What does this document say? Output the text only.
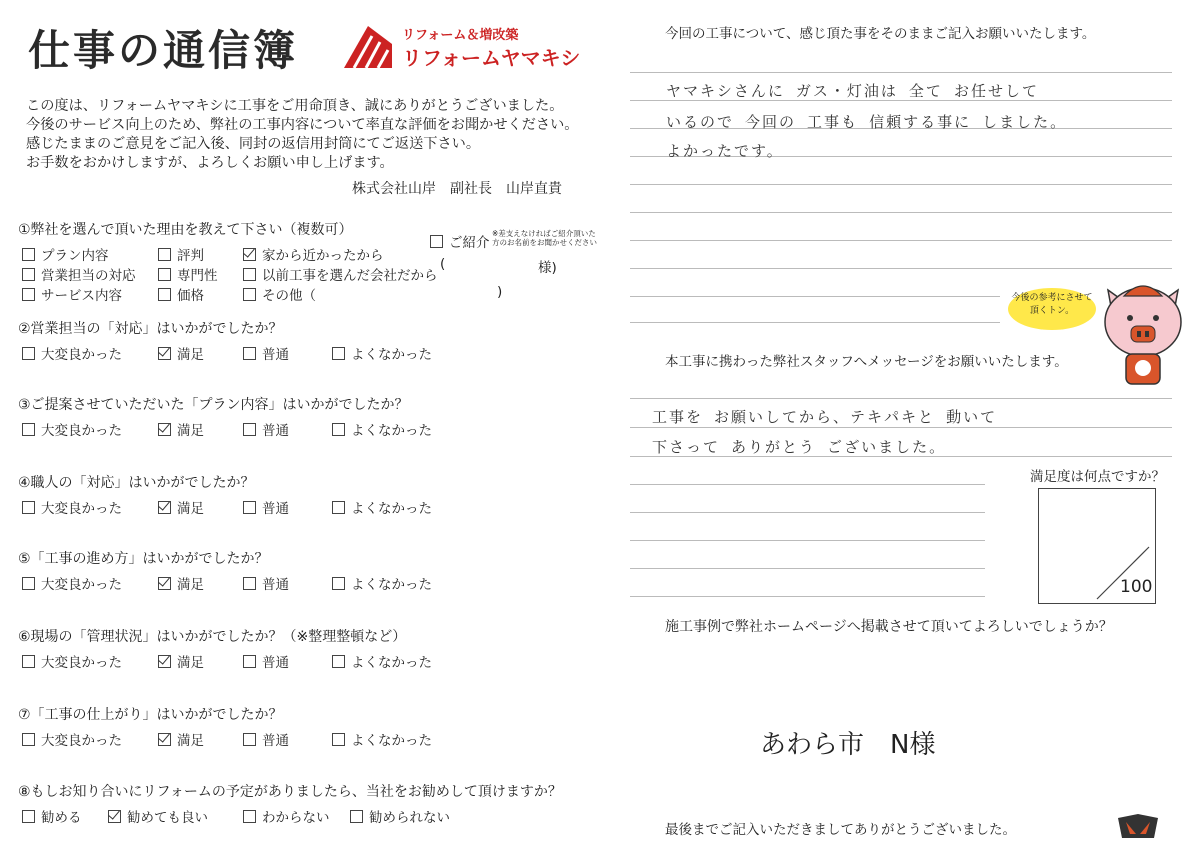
仕事の通信簿	リフォーム＆増改築
リフォームヤマキシ
この度は、リフォームヤマキシに工事をご用命頂き、誠にありがとうございました。
今後のサービス向上のため、弊社の工事内容について率直な評価をお聞かせください。
感じたままのご意見をご記入後、同封の返信用封筒にてご返送下さい。
お手数をおかけしますが、よろしくお願い申し上げます。
株式会社山岸　副社長　山岸直貴
①弊社を選んで頂いた理由を教えて下さい（複数可）
プラン内容	評判	家から近かったから
営業担当の対応	専門性	以前工事を選んだ会社だから
サービス内容	価格	その他（	)
ご紹介
※差支えなければご紹介頂いた方のお名前をお聞かせください
(	様)
②営業担当の「対応」はいかがでしたか？
大変良かった	満足	普通	よくなかった
③ご提案させていただいた「プラン内容」はいかがでしたか？
大変良かった	満足	普通	よくなかった
④職人の「対応」はいかがでしたか？
大変良かった	満足	普通	よくなかった
⑤「工事の進め方」はいかがでしたか？
大変良かった	満足	普通	よくなかった
⑥現場の「管理状況」はいかがでしたか？（※整理整頓など）
大変良かった	満足	普通	よくなかった
⑦「工事の仕上がり」はいかがでしたか？
大変良かった	満足	普通	よくなかった
⑧もしお知り合いにリフォームの予定がありましたら、当社をお勧めして頂けますか？
勧める	勧めても良い	わからない	勧められない
今回の工事について、感じ頂た事をそのままご記入お願いいたします。
ヤマキシさんに ガス・灯油は 全て お任せして
いるので 今回の 工事も 信頼する事に しました。
よかったです。
今後の参考にさせて頂くトン。
本工事に携わった弊社スタッフへメッセージをお願いいたします。
工事を お願いしてから、テキパキと 動いて
下さって ありがとう ございました。
満足度は何点ですか？
100
施工事例で弊社ホームページへ掲載させて頂いてよろしいでしょうか？
あわら市　N様
最後までご記入いただきましてありがとうございました。
